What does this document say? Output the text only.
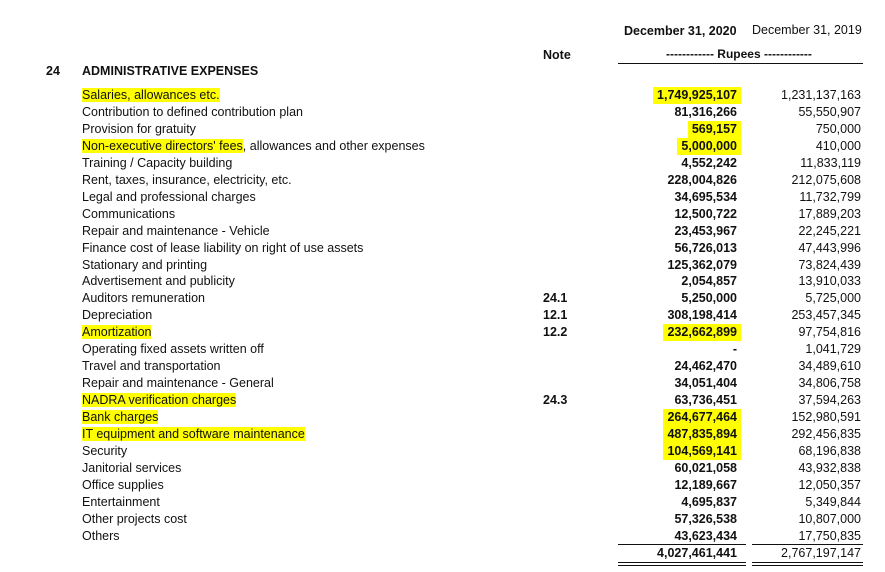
December 31, 2020 December 31, 2019
Note	------------ Rupees ------------
24 ADMINISTRATIVE EXPENSES
Salaries, allowances etc.	1,749,925,107	1,231,137,163
Contribution to defined contribution plan	81,316,266	55,550,907
Provision for gratuity	569,157	750,000
Non-executive directors' fees, allowances and other expenses	5,000,000	410,000
Training / Capacity building	4,552,242	11,833,119
Rent, taxes, insurance, electricity, etc.	228,004,826	212,075,608
Legal and professional charges	34,695,534	11,732,799
Communications	12,500,722	17,889,203
Repair and maintenance - Vehicle	23,453,967	22,245,221
Finance cost of lease liability on right of use assets	56,726,013	47,443,996
Stationary and printing	125,362,079	73,824,439
Advertisement and publicity	2,054,857	13,910,033
Auditors remuneration	24.1	5,250,000	5,725,000
Depreciation	12.1	308,198,414	253,457,345
Amortization	12.2	232,662,899	97,754,816
Operating fixed assets written off	-	1,041,729
Travel and transportation	24,462,470	34,489,610
Repair and maintenance - General	34,051,404	34,806,758
NADRA verification charges	24.3	63,736,451	37,594,263
Bank charges	264,677,464	152,980,591
IT equipment and software maintenance	487,835,894	292,456,835
Security	104,569,141	68,196,838
Janitorial services	60,021,058	43,932,838
Office supplies	12,189,667	12,050,357
Entertainment	4,695,837	5,349,844
Other projects cost	57,326,538	10,807,000
Others	43,623,434	17,750,835
4,027,461,441	2,767,197,147
